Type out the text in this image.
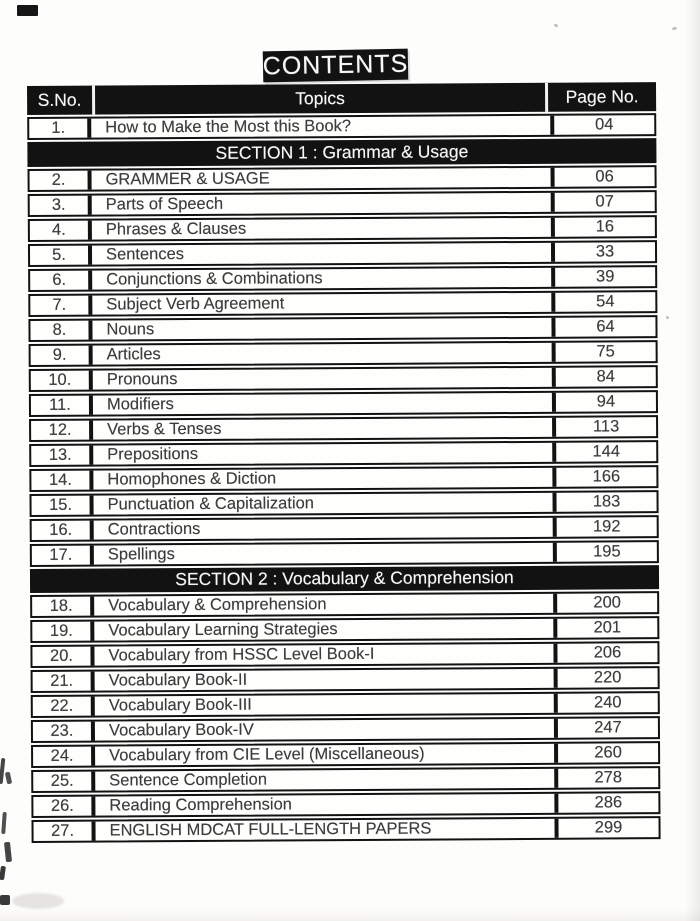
CONTENTS
S.No.	Topics	Page No.
1.	How to Make the Most this Book?	04
SECTION 1 : Grammar & Usage
2.	GRAMMER & USAGE	06
3.	Parts of Speech	07
4.	Phrases & Clauses	16
5.	Sentences	33
6.	Conjunctions & Combinations	39
7.	Subject Verb Agreement	54
8.	Nouns	64
9.	Articles	75
10.	Pronouns	84
11.	Modifiers	94
12.	Verbs & Tenses	113
13.	Prepositions	144
14.	Homophones & Diction	166
15.	Punctuation & Capitalization	183
16.	Contractions	192
17.	Spellings	195
SECTION 2 : Vocabulary & Comprehension
18.	Vocabulary & Comprehension	200
19.	Vocabulary Learning Strategies	201
20.	Vocabulary from HSSC Level Book-I	206
21.	Vocabulary Book-II	220
22.	Vocabulary Book-III	240
23.	Vocabulary Book-IV	247
24.	Vocabulary from CIE Level (Miscellaneous)	260
25.	Sentence Completion	278
26.	Reading Comprehension	286
27.	ENGLISH MDCAT FULL-LENGTH PAPERS	299
